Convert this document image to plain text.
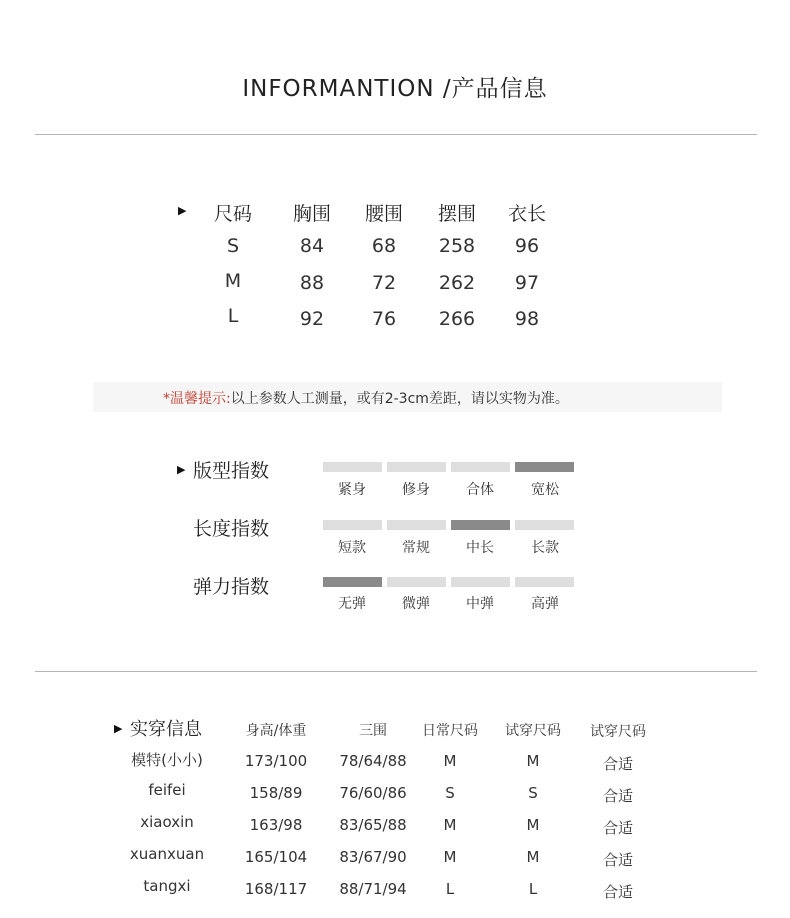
INFORMANTION /产品信息
▶ 尺码 胸围 腰围 摆围 衣长
S	84	68 258 96
M	88	72 262 97
L	92	76 266 98
*温馨提示:以上参数人工测量，或有2-3cm差距，请以实物为准。
▶ 版型指数
紧身	修身	合体	宽松
长度指数
短款	常规	中长	长款
弹力指数
无弹	微弹	中弹	高弹
▶ 实穿信息	身高/体重	三围	日常尺码 试穿尺码 试穿尺码
模特(小小)	173/100 78/64/88 M	M	合适
feifei	158/89 76/60/86	S	S	合适
xiaoxin	163/98 83/65/88 M	M	合适
xuanxuan	165/104 83/67/90 M	M	合适
tangxi	168/117 88/71/94	L	L	合适
